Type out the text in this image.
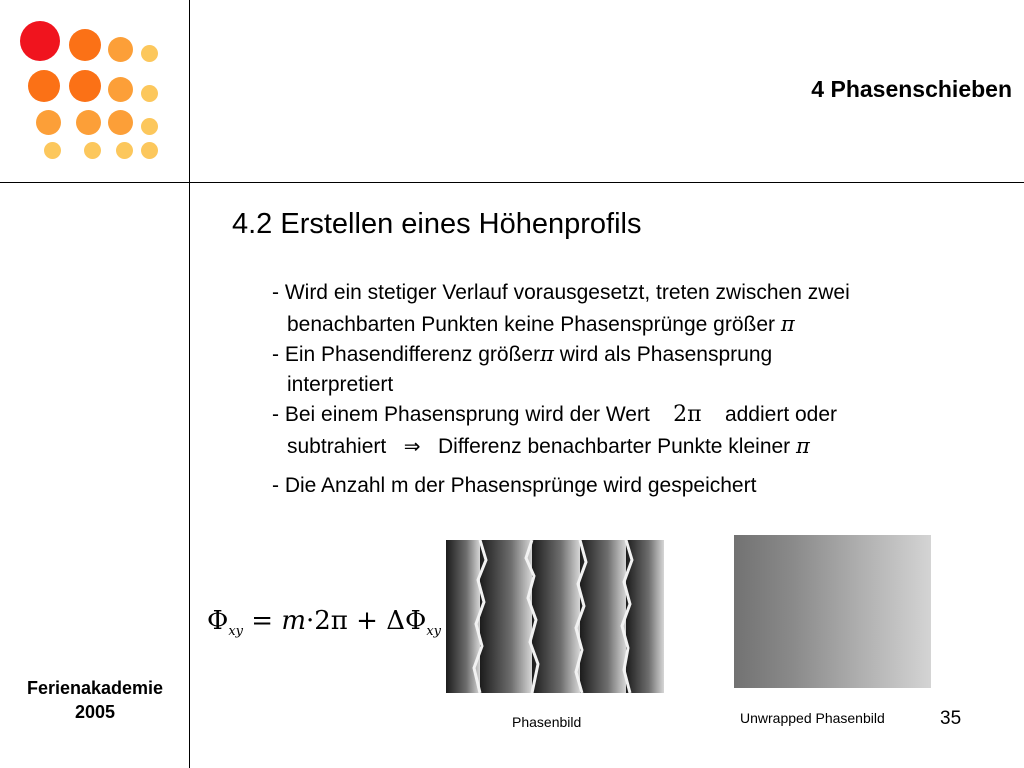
4 Phasenschieben
4.2 Erstellen eines Höhenprofils
- Wird ein stetiger Verlauf vorausgesetzt, treten zwischen zwei
benachbarten Punkten keine Phasensprünge größer π
- Ein Phasendifferenz größerπ wird als Phasensprung
interpretiert
- Bei einem Phasensprung wird der Wert 2π addiert oder
subtrahiert ⇒ Differenz benachbarter Punkte kleiner π
- Die Anzahl m der Phasensprünge wird gespeichert
$\Phi_{xy} = m\cdot 2\pi + \Delta\Phi_{xy}$
Phasenbild	Unwrapped Phasenbild	35
Ferienakademie
2005
